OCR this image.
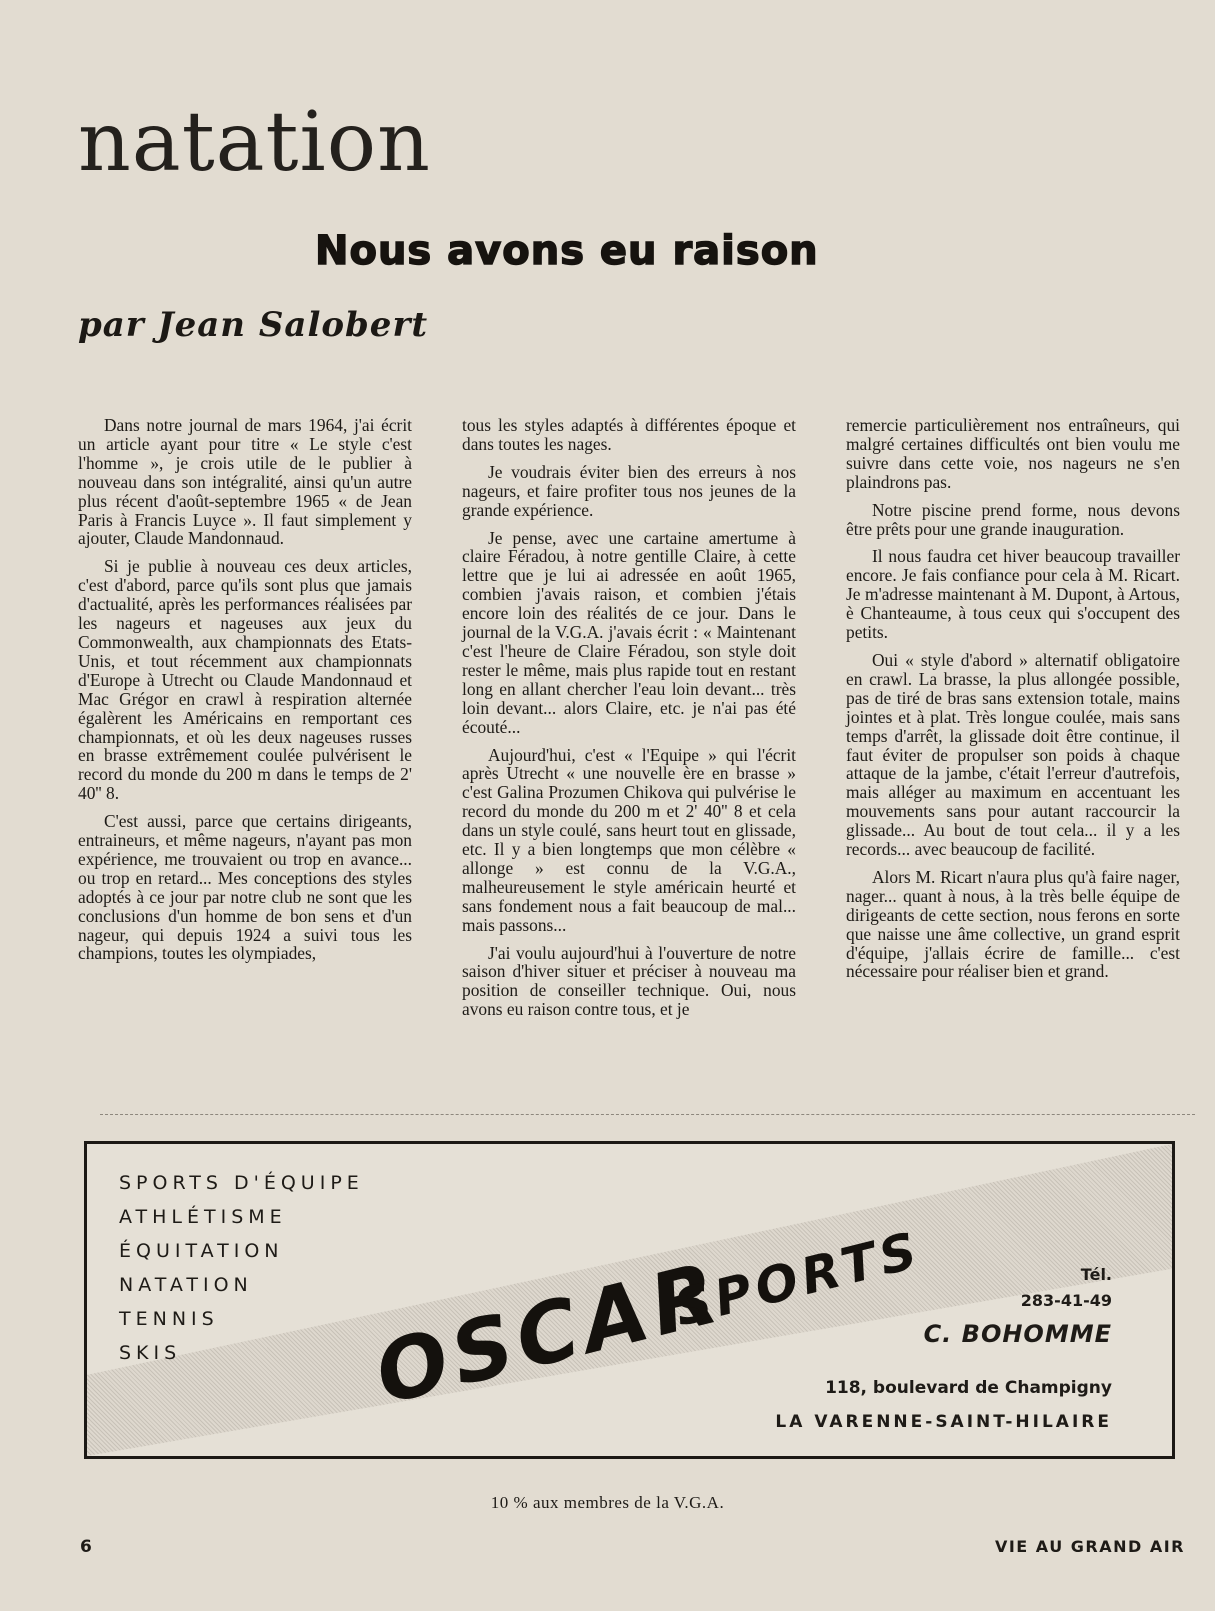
natation
Nous avons eu raison
par Jean Salobert

Dans notre journal de mars 1964, j'ai écrit un article ayant pour titre « Le style c'est l'homme », je crois utile de le publier à nouveau dans son intégralité, ainsi qu'un autre plus récent d'août-septembre 1965 « de Jean Paris à Francis Luyce ». Il faut simplement y ajouter, Claude Mandonnaud.

Si je publie à nouveau ces deux articles, c'est d'abord, parce qu'ils sont plus que jamais d'actualité, après les performances réalisées par les nageurs et nageuses aux jeux du Commonwealth, aux championnats des Etats-Unis, et tout récemment aux championnats d'Europe à Utrecht ou Claude Mandonnaud et Mac Grégor en crawl à respiration alternée égalèrent les Américains en remportant ces championnats, et où les deux nageuses russes en brasse extrêmement coulée pulvérisent le record du monde du 200 m dans le temps de 2' 40'' 8.

C'est aussi, parce que certains dirigeants, entraineurs, et même nageurs, n'ayant pas mon expérience, me trouvaient ou trop en avance... ou trop en retard... Mes conceptions des styles adoptés à ce jour par notre club ne sont que les conclusions d'un homme de bon sens et d'un nageur, qui depuis 1924 a suivi tous les champions, toutes les olympiades,

tous les styles adaptés à différentes époque et dans toutes les nages.

Je voudrais éviter bien des erreurs à nos nageurs, et faire profiter tous nos jeunes de la grande expérience.

Je pense, avec une cartaine amertume à claire Féradou, à notre gentille Claire, à cette lettre que je lui ai adressée en août 1965, combien j'avais raison, et combien j'étais encore loin des réalités de ce jour. Dans le journal de la V.G.A. j'avais écrit : « Maintenant c'est l'heure de Claire Féradou, son style doit rester le même, mais plus rapide tout en restant long en allant chercher l'eau loin devant... très loin devant... alors Claire, etc. je n'ai pas été écouté...

Aujourd'hui, c'est « l'Equipe » qui l'écrit après Utrecht « une nouvelle ère en brasse » c'est Galina Prozumen Chikova qui pulvérise le record du monde du 200 m et 2' 40'' 8 et cela dans un style coulé, sans heurt tout en glissade, etc. Il y a bien longtemps que mon célèbre « allonge » est connu de la V.G.A., malheureusement le style américain heurté et sans fondement nous a fait beaucoup de mal... mais passons...

J'ai voulu aujourd'hui à l'ouverture de notre saison d'hiver situer et préciser à nouveau ma position de conseiller technique. Oui, nous avons eu raison contre tous, et je

remercie particulièrement nos entraîneurs, qui malgré certaines difficultés ont bien voulu me suivre dans cette voie, nos nageurs ne s'en plaindrons pas.

Notre piscine prend forme, nous devons être prêts pour une grande inauguration.

Il nous faudra cet hiver beaucoup travailler encore. Je fais confiance pour cela à M. Ricart. Je m'adresse maintenant à M. Dupont, à Artous, è Chanteaume, à tous ceux qui s'occupent des petits.

Oui « style d'abord » alternatif obligatoire en crawl. La brasse, la plus allongée possible, pas de tiré de bras sans extension totale, mains jointes et à plat. Très longue coulée, mais sans temps d'arrêt, la glissade doit être continue, il faut éviter de propulser son poids à chaque attaque de la jambe, c'était l'erreur d'autrefois, mais alléger au maximum en accentuant les mouvements sans pour autant raccourcir la glissade... Au bout de tout cela... il y a les records... avec beaucoup de facilité.

Alors M. Ricart n'aura plus qu'à faire nager, nager... quant à nous, à la très belle équipe de dirigeants de cette section, nous ferons en sorte que naisse une âme collective, un grand esprit d'équipe, j'allais écrire de famille... c'est nécessaire pour réaliser bien et grand.

SPORTS D'ÉQUIPE
ATHLÉTISME
ÉQUITATION
NATATION
TENNIS
SKIS	OSCAR
SPORTS	Tél.
283-41-49
C. BOHOMME
118, boulevard de Champigny
LA VARENNE-SAINT-HILAIRE
10 % aux membres de la V.G.A.
6	VIE AU GRAND AIR
